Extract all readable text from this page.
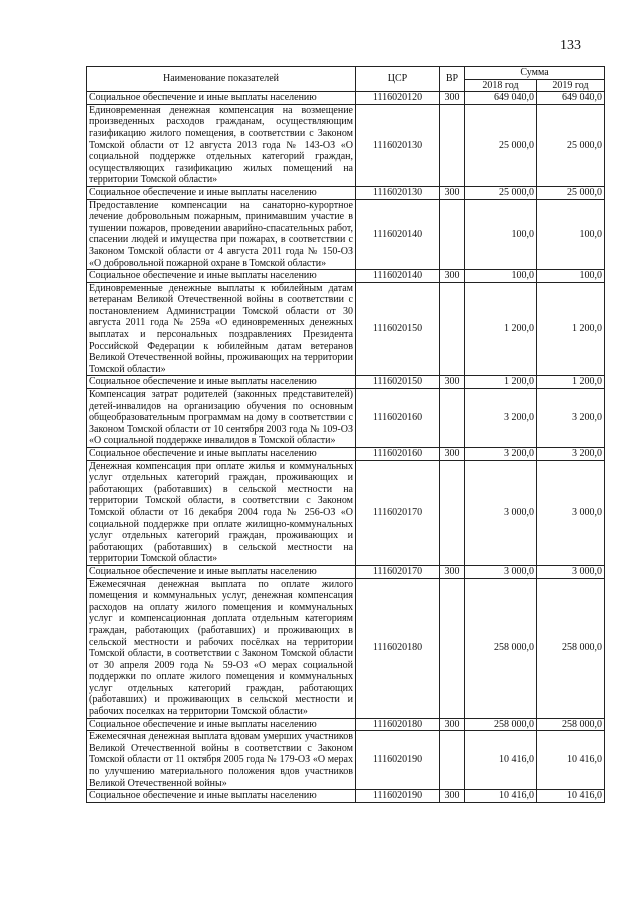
133
Наименование показателей	ЦСР	ВР	Сумма	
			2018 год	2019 год
Социальное обеспечение и иные выплаты населению	1116020120	300	649 040,0	649 040,0
Единовременная денежная компенсация на возмещение произведенных расходов гражданам, осуществляющим газификацию жилого помещения, в соответствии с Законом Томской области от 12 августа 2013 года № 143-ОЗ «О социальной поддержке отдельных категорий граждан, осуществляющих газификацию жилых помещений на территории Томской области»	1116020130		25 000,0	25 000,0
Социальное обеспечение и иные выплаты населению	1116020130	300	25 000,0	25 000,0
Предоставление компенсации на санаторно-курортное лечение добровольным пожарным, принимавшим участие в тушении пожаров, проведении аварийно-спасательных работ, спасении людей и имущества при пожарах, в соответствии с Законом Томской области от 4 августа 2011 года № 150-ОЗ «О добровольной пожарной охране в Томской области»	1116020140		100,0	100,0
Социальное обеспечение и иные выплаты населению	1116020140	300	100,0	100,0
Единовременные денежные выплаты к юбилейным датам ветеранам Великой Отечественной войны в соответствии с постановлением Администрации Томской области от 30 августа 2011 года № 259а «О единовременных денежных выплатах и персональных поздравлениях Президента Российской Федерации к юбилейным датам ветеранов Великой Отечественной войны, проживающих на территории Томской области»	1116020150		1 200,0	1 200,0
Социальное обеспечение и иные выплаты населению	1116020150	300	1 200,0	1 200,0
Компенсация затрат родителей (законных представителей) детей-инвалидов на организацию обучения по основным общеобразовательным программам на дому в соответствии с Законом Томской области от 10 сентября 2003 года № 109-ОЗ «О социальной поддержке инвалидов в Томской области»	1116020160		3 200,0	3 200,0
Социальное обеспечение и иные выплаты населению	1116020160	300	3 200,0	3 200,0
Денежная компенсация при оплате жилья и коммунальных услуг отдельных категорий граждан, проживающих и работающих (работавших) в сельской местности на территории Томской области, в соответствии с Законом Томской области от 16 декабря 2004 года № 256-ОЗ «О социальной поддержке при оплате жилищно-коммунальных услуг отдельных категорий граждан, проживающих и работающих (работавших) в сельской местности на территории Томской области»	1116020170		3 000,0	3 000,0
Социальное обеспечение и иные выплаты населению	1116020170	300	3 000,0	3 000,0
Ежемесячная денежная выплата по оплате жилого помещения и коммунальных услуг, денежная компенсация расходов на оплату жилого помещения и коммунальных услуг и компенсационная доплата отдельным категориям граждан, работающих (работавших) и проживающих в сельской местности и рабочих посёлках на территории Томской области, в соответствии с Законом Томской области от 30 апреля 2009 года № 59-ОЗ «О мерах социальной поддержки по оплате жилого помещения и коммунальных услуг отдельных категорий граждан, работающих (работавших) и проживающих в сельской местности и рабочих поселках на территории Томской области»	1116020180		258 000,0	258 000,0
Социальное обеспечение и иные выплаты населению	1116020180	300	258 000,0	258 000,0
Ежемесячная денежная выплата вдовам умерших участников Великой Отечественной войны в соответствии с Законом Томской области от 11 октября 2005 года № 179-ОЗ «О мерах по улучшению материального положения вдов участников Великой Отечественной войны»	1116020190		10 416,0	10 416,0
Социальное обеспечение и иные выплаты населению	1116020190	300	10 416,0	10 416,0
